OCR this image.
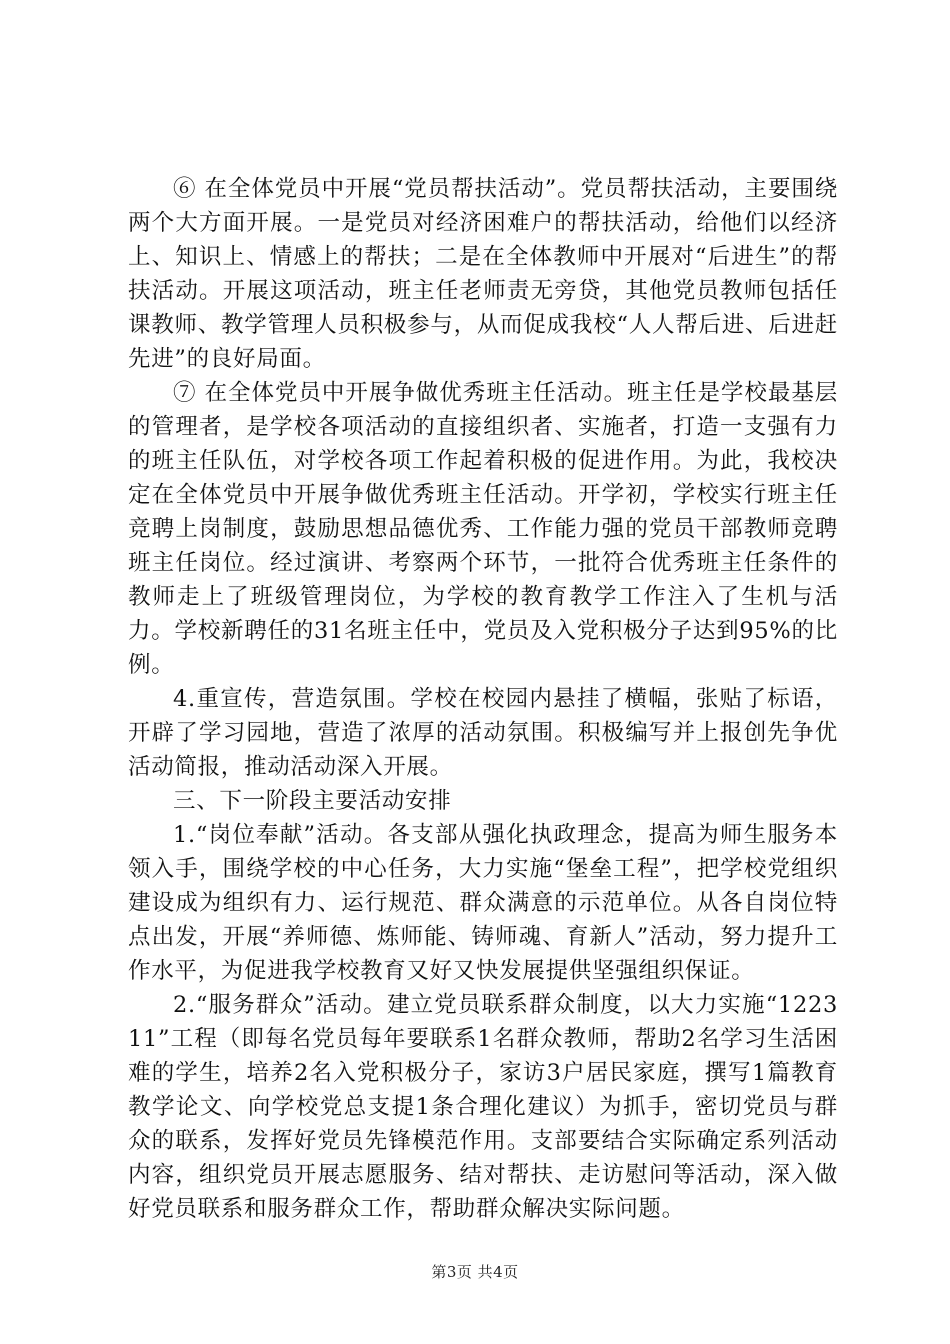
⑥ 在全体党员中开展“党员帮扶活动”。党员帮扶活动，主要围绕两个大方面开展。一是党员对经济困难户的帮扶活动，给他们以经济上、知识上、情感上的帮扶；二是在全体教师中开展对“后进生”的帮扶活动。开展这项活动，班主任老师责无旁贷，其他党员教师包括任课教师、教学管理人员积极参与，从而促成我校“人人帮后进、后进赶先进”的良好局面。

⑦ 在全体党员中开展争做优秀班主任活动。班主任是学校最基层的管理者，是学校各项活动的直接组织者、实施者，打造一支强有力的班主任队伍，对学校各项工作起着积极的促进作用。为此，我校决定在全体党员中开展争做优秀班主任活动。开学初，学校实行班主任竞聘上岗制度，鼓励思想品德优秀、工作能力强的党员干部教师竞聘班主任岗位。经过演讲、考察两个环节，一批符合优秀班主任条件的教师走上了班级管理岗位，为学校的教育教学工作注入了生机与活力。学校新聘任的31名班主任中，党员及入党积极分子达到95%的比例。

4.重宣传，营造氛围。学校在校园内悬挂了横幅，张贴了标语，开辟了学习园地，营造了浓厚的活动氛围。积极编写并上报创先争优活动简报，推动活动深入开展。

三、下一阶段主要活动安排

1.“岗位奉献”活动。各支部从强化执政理念，提高为师生服务本领入手，围绕学校的中心任务，大力实施“堡垒工程”，把学校党组织建设成为组织有力、运行规范、群众满意的示范单位。从各自岗位特点出发，开展“养师德、炼师能、铸师魂、育新人”活动，努力提升工作水平，为促进我学校教育又好又快发展提供坚强组织保证。

2.“服务群众”活动。建立党员联系群众制度，以大力实施“122311”工程（即每名党员每年要联系1名群众教师，帮助2名学习生活困难的学生，培养2名入党积极分子，家访3户居民家庭，撰写1篇教育教学论文、向学校党总支提1条合理化建议）为抓手，密切党员与群众的联系，发挥好党员先锋模范作用。支部要结合实际确定系列活动内容，组织党员开展志愿服务、结对帮扶、走访慰问等活动，深入做好党员联系和服务群众工作，帮助群众解决实际问题。

第3页 共4页
